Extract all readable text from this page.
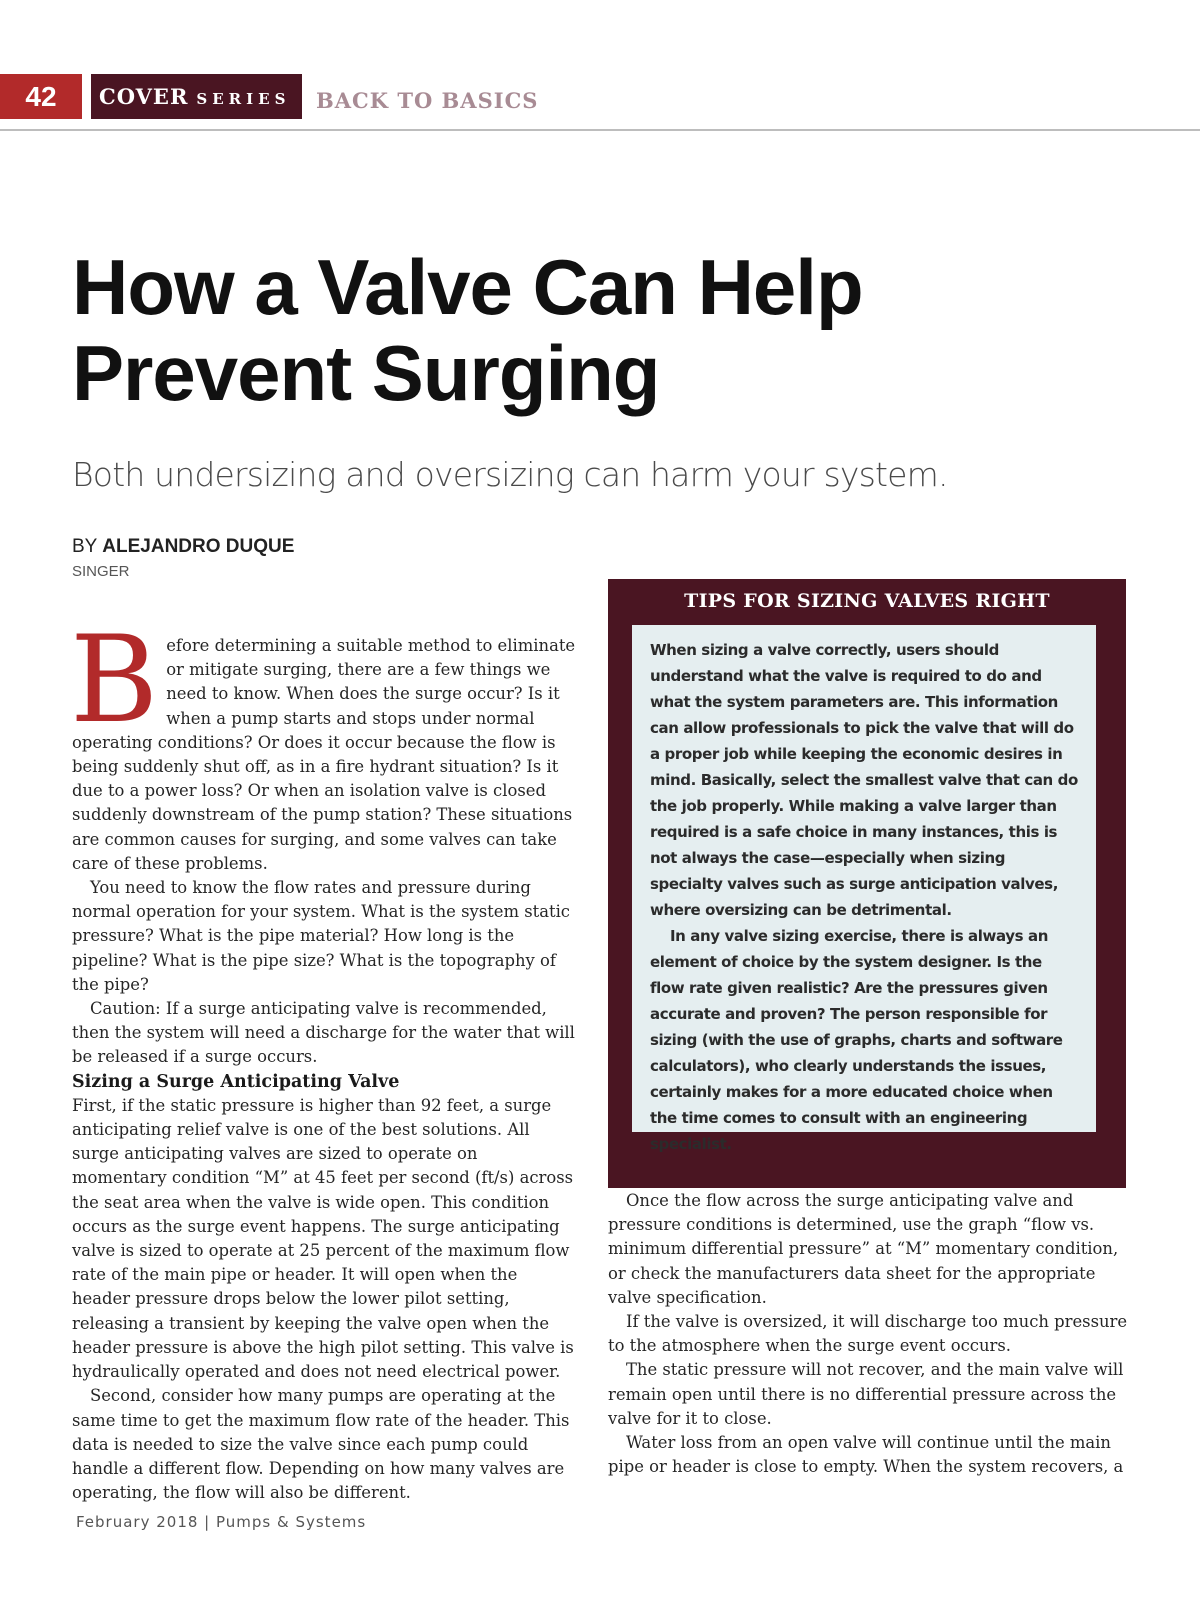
42	COVER SERIES	BACK TO BASICS
How a Valve Can Help Prevent Surging
Both undersizing and oversizing can harm your system.
BY ALEJANDRO DUQUE
SINGER

Before determining a suitable method to eliminate or mitigate surging, there are a few things we need to know. When does the surge occur? Is it when a pump starts and stops under normal operating conditions? Or does it occur because the flow is being suddenly shut off, as in a fire hydrant situation? Is it due to a power loss? Or when an isolation valve is closed suddenly downstream of the pump station? These situations are common causes for surging, and some valves can take care of these problems.

You need to know the flow rates and pressure during normal operation for your system. What is the system static pressure? What is the pipe material? How long is the pipeline? What is the pipe size? What is the topography of the pipe?

Caution: If a surge anticipating valve is recommended, then the system will need a discharge for the water that will be released if a surge occurs.

Sizing a Surge Anticipating Valve

First, if the static pressure is higher than 92 feet, a surge anticipating relief valve is one of the best solutions. All surge anticipating valves are sized to operate on momentary condition “M” at 45 feet per second (ft/s) across the seat area when the valve is wide open. This condition occurs as the surge event happens. The surge anticipating valve is sized to operate at 25 percent of the maximum flow rate of the main pipe or header. It will open when the header pressure drops below the lower pilot setting, releasing a transient by keeping the valve open when the header pressure is above the high pilot setting. This valve is hydraulically operated and does not need electrical power.

Second, consider how many pumps are operating at the same time to get the maximum flow rate of the header. This data is needed to size the valve since each pump could handle a different flow. Depending on how many valves are operating, the flow will also be different.

TIPS FOR SIZING VALVES RIGHT

When sizing a valve correctly, users should understand what the valve is required to do and what the system parameters are. This information can allow professionals to pick the valve that will do a proper job while keeping the economic desires in mind. Basically, select the smallest valve that can do the job properly. While making a valve larger than required is a safe choice in many instances, this is not always the case—especially when sizing specialty valves such as surge anticipation valves, where oversizing can be detrimental.

In any valve sizing exercise, there is always an element of choice by the system designer. Is the flow rate given realistic? Are the pressures given accurate and proven? The person responsible for sizing (with the use of graphs, charts and software calculators), who clearly understands the issues, certainly makes for a more educated choice when the time comes to consult with an engineering specialist.

Once the flow across the surge anticipating valve and pressure conditions is determined, use the graph “flow vs. minimum differential pressure” at “M” momentary condition, or check the manufacturers data sheet for the appropriate valve specification.

If the valve is oversized, it will discharge too much pressure to the atmosphere when the surge event occurs.

The static pressure will not recover, and the main valve will remain open until there is no differential pressure across the valve for it to close.

Water loss from an open valve will continue until the main pipe or header is close to empty. When the system recovers, a

February 2018 | Pumps & Systems
